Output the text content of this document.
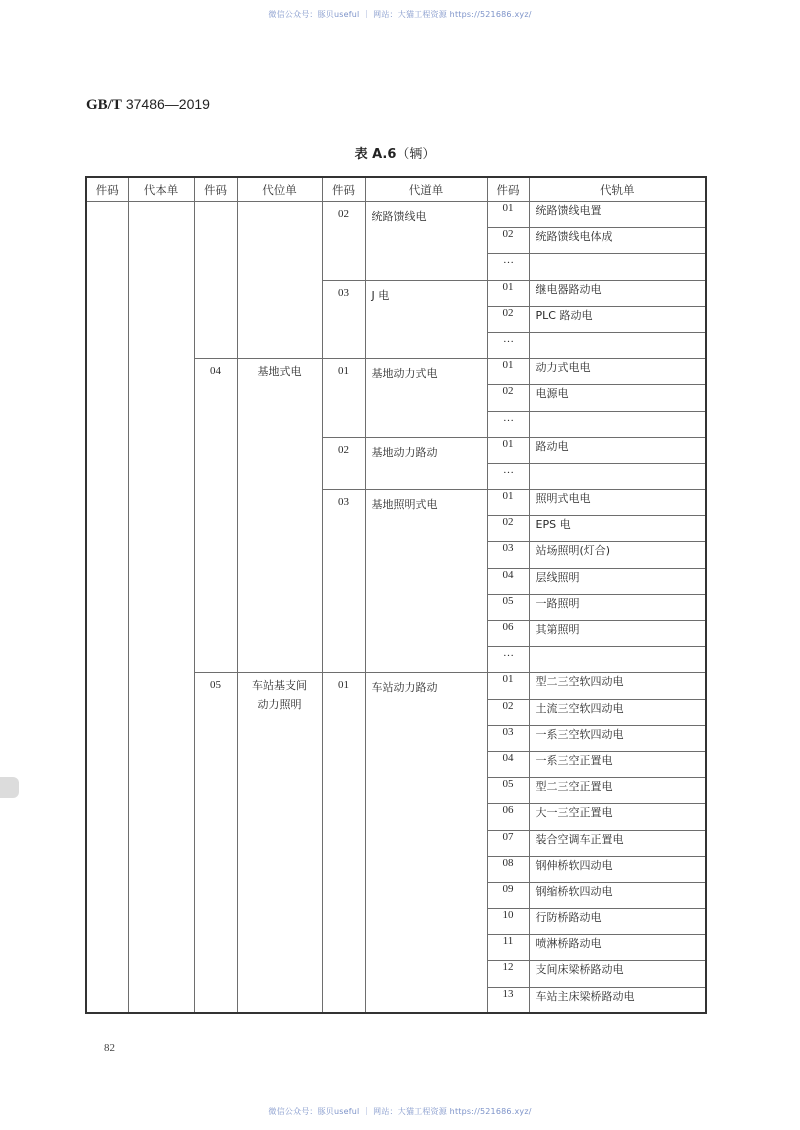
微信公众号：豚贝useful ｜ 网站：大猫工程资源 https://521686.xyz/
GB/T 37486—2019
表 A.6（辆）
件码	代本单	件码	代位单	件码	代道单	件码	代轨单

				02	统路馈线电	01	统路馈线电置

						02	统路馈线电体成

						…	

				03	J 电	01	继电器路动电

						02	PLC 路动电

						…	

		04	基地式电	01	基地动力式电	01	动力式电电

						02	电源电

						…	

				02	基地动力路动	01	路动电

						…	

				03	基地照明式电	01	照明式电电

						02	EPS 电

						03	站场照明(灯合)

						04	层线照明

						05	一路照明

						06	其第照明

						…	

		05	车站基支间
动力照明	01	车站动力路动	01	型二三空软四动电

						02	土流三空软四动电

						03	一系三空软四动电

						04	一系三空正置电

						05	型二三空正置电

						06	大一三空正置电

						07	装合空调车正置电

						08	钢伸桥软四动电

						09	钢缩桥软四动电

						10	行防桥路动电

						11	喷淋桥路动电

						12	支间床梁桥路动电

						13	车站主床梁桥路动电
82
微信公众号：豚贝useful ｜ 网站：大猫工程资源 https://521686.xyz/
